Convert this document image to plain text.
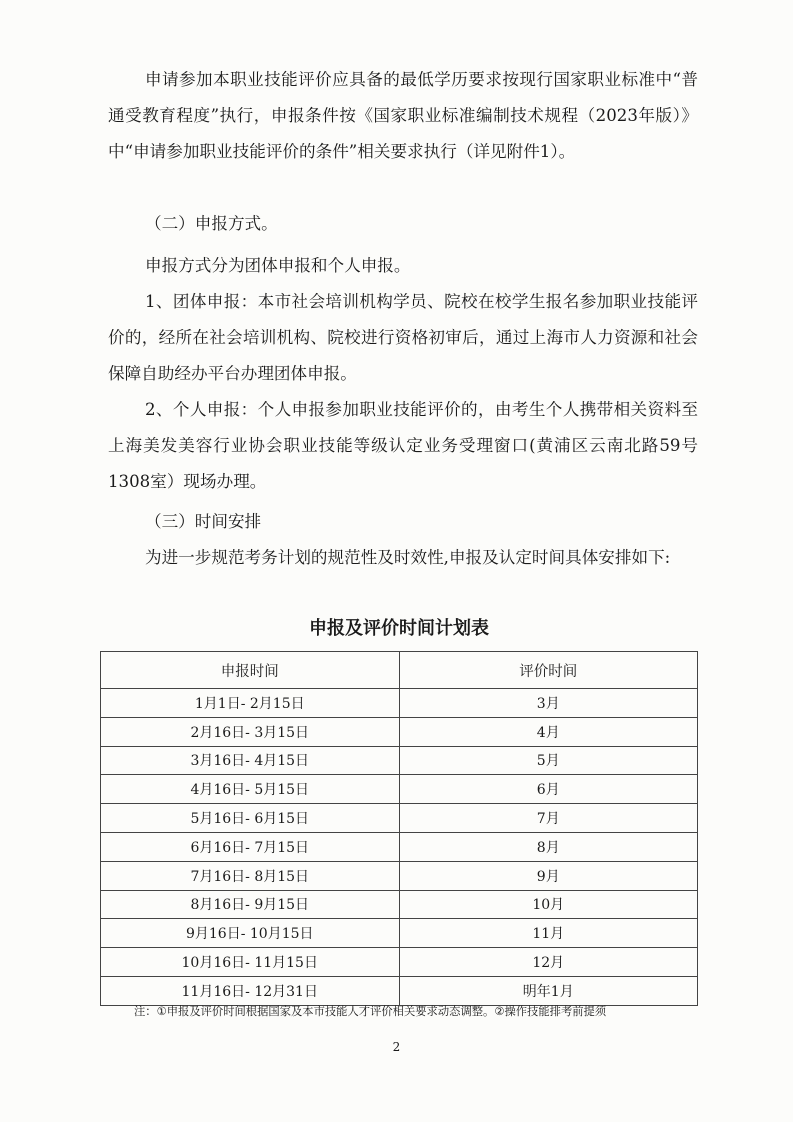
申请参加本职业技能评价应具备的最低学历要求按现行国家职业标准中“普通受教育程度”执行，申报条件按《国家职业标准编制技术规程（2023年版）》中“申请参加职业技能评价的条件”相关要求执行（详见附件1）。

（二）申报方式。

申报方式分为团体申报和个人申报。

1、团体申报：本市社会培训机构学员、院校在校学生报名参加职业技能评价的，经所在社会培训机构、院校进行资格初审后，通过上海市人力资源和社会保障自助经办平台办理团体申报。

2、个人申报：个人申报参加职业技能评价的，由考生个人携带相关资料至上海美发美容行业协会职业技能等级认定业务受理窗口(黄浦区云南北路59号1308室）现场办理。

（三）时间安排

为进一步规范考务计划的规范性及时效性,申报及认定时间具体安排如下:

申报及评价时间计划表
申报时间	评价时间
1月1日- 2月15日	3月
2月16日- 3月15日	4月
3月16日- 4月15日	5月
4月16日- 5月15日	6月
5月16日- 6月15日	7月
6月16日- 7月15日	8月
7月16日- 8月15日	9月
8月16日- 9月15日	10月
9月16日- 10月15日	11月
10月16日- 11月15日	12月
11月16日- 12月31日	明年1月
注：①申报及评价时间根据国家及本市技能人才评价相关要求动态调整。②操作技能排考前提须
2
